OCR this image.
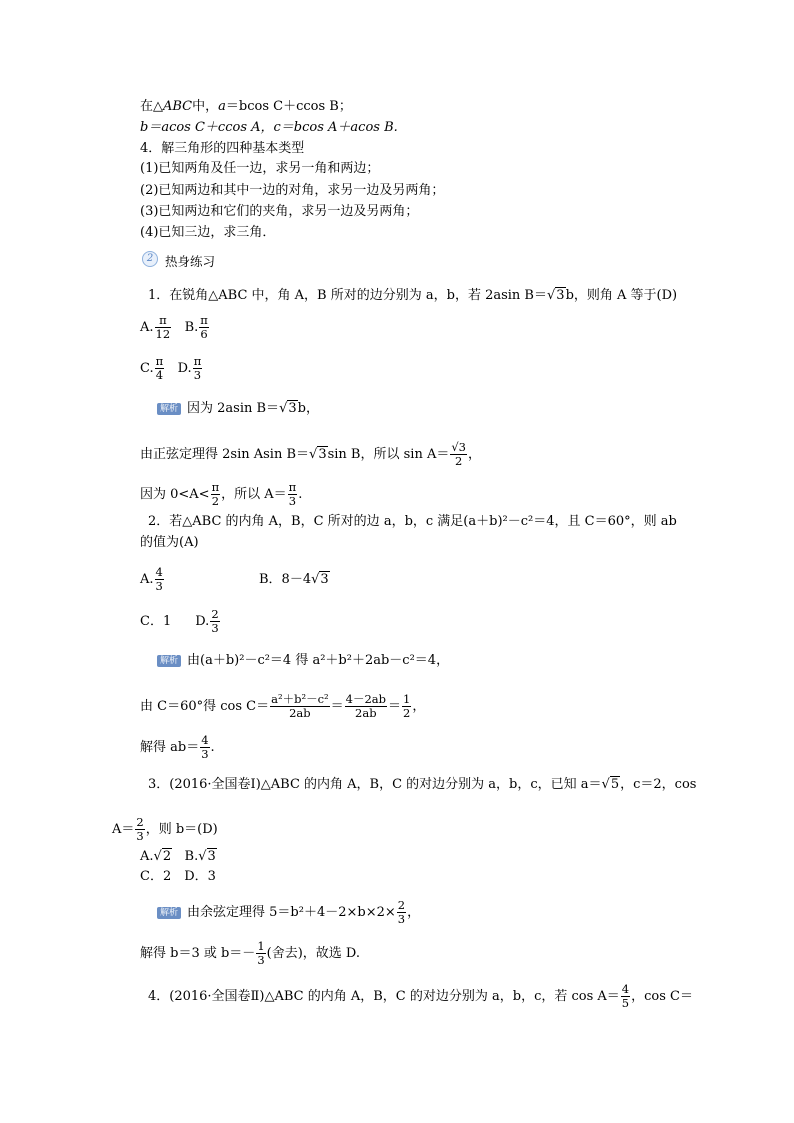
在△ABC中，a＝bcos C＋ccos B；
b＝acos C＋ccos A，c＝bcos A＋acos B.
4．解三角形的四种基本类型
(1)已知两角及任一边，求另一角和两边；
(2)已知两边和其中一边的对角，求另一边及另两角；
(3)已知两边和它们的夹角，求另一边及另两角；
(4)已知三边，求三角．
2 热身练习
1．在锐角△ABC 中，角 A，B 所对的边分别为 a，b，若 2asin B＝√3b，则角 A 等于(D)
A. $\frac{\pi}{12} B$. $\frac{\pi}{6}$
C. $\frac{\pi}{4} D$. $\frac{\pi}{3}$
解析 因为 2asin B＝√3b，
由正弦定理得 2sin Asin B＝√3sin B，所以 $\sin A= \frac{√3}{2}$ ，
因为 $0<A< \frac{\pi}{2}$ ，所以 $A= \frac{\pi}{3}$ .
2．若△ABC 的内角 A，B，C 所对的边 a，b，c 满足(a＋b)²－c²＝4，且 C＝60°，则 ab
的值为(A)
A. $\frac{4}{3}$	B．8－4√3
C．1 D. $\frac{2}{3}$
解析 由(a＋b)²－c²＝4 得 a²＋b²＋2ab－c²＝4，
由 C＝60°得 $\cos C= \frac{\text{a²＋b²－c²}}{2ab} = \frac{4-2ab}{2ab} = \frac{1}{2}$ ，
解得 $ab= \frac{4}{3}$ .
3．(2016·全国卷Ⅰ)△ABC 的内角 A，B，C 的对边分别为 a，b，c，已知 a＝√5，c＝2，cos
$A= \frac{2}{3}$ ，则 b＝(D)
A.√2 B.√3
C．2　D．3
解析 由余弦定理得 $5=b^2+4-2\times b\times 2\times \frac{2}{3}$ ，
解得 b＝3 或 $b=- \frac{1}{3}$ (舍去)，故选 D.
4．(2016·全国卷Ⅱ)△ABC 的内角 A，B，C 的对边分别为 a，b，c，若 $\cos A= \frac{4}{5}$ ，cos C＝
